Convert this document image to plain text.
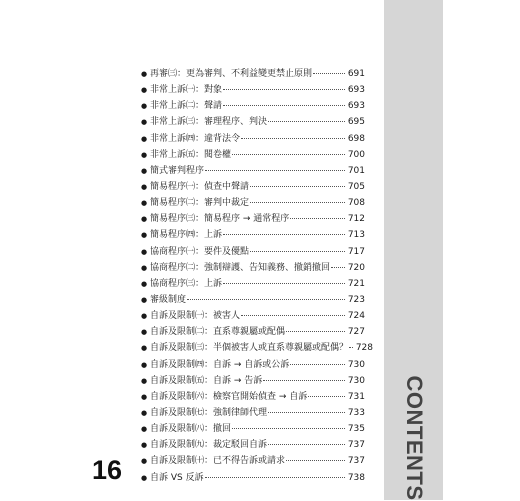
CONTENTS
● 再審㈢：更為審判、不利益變更禁止原則	691
● 非常上訴㈠：對象	693
● 非常上訴㈡：聲請	693
● 非常上訴㈢：審理程序、判決	695
● 非常上訴㈣：違背法令	698
● 非常上訴㈤：閱卷權	700
● 簡式審判程序	701
● 簡易程序㈠：偵查中聲請	705
● 簡易程序㈡：審判中裁定	708
● 簡易程序㈢：簡易程序 → 通常程序	712
● 簡易程序㈣：上訴	713
● 協商程序㈠：要件及優點	717
● 協商程序㈡：強制辯護、告知義務、撤銷撤回 720
● 協商程序㈢：上訴	721
● 審級制度	723
● 自訴及限制㈠：被害人	724
● 自訴及限制㈡：直系尊親屬或配偶	727
● 自訴及限制㈢：半個被害人或直系尊親屬或配偶？ 728
● 自訴及限制㈣：自訴 → 自訴或公訴	730
● 自訴及限制㈤：自訴 → 告訴	730
● 自訴及限制㈥：檢察官開始偵查 → 自訴	731
● 自訴及限制㈦：強制律師代理	733
● 自訴及限制㈧：撤回	735
● 自訴及限制㈨：裁定駁回自訴	737
● 自訴及限制㈩：已不得告訴或請求	737
● 自訴 VS 反訴	738
16
